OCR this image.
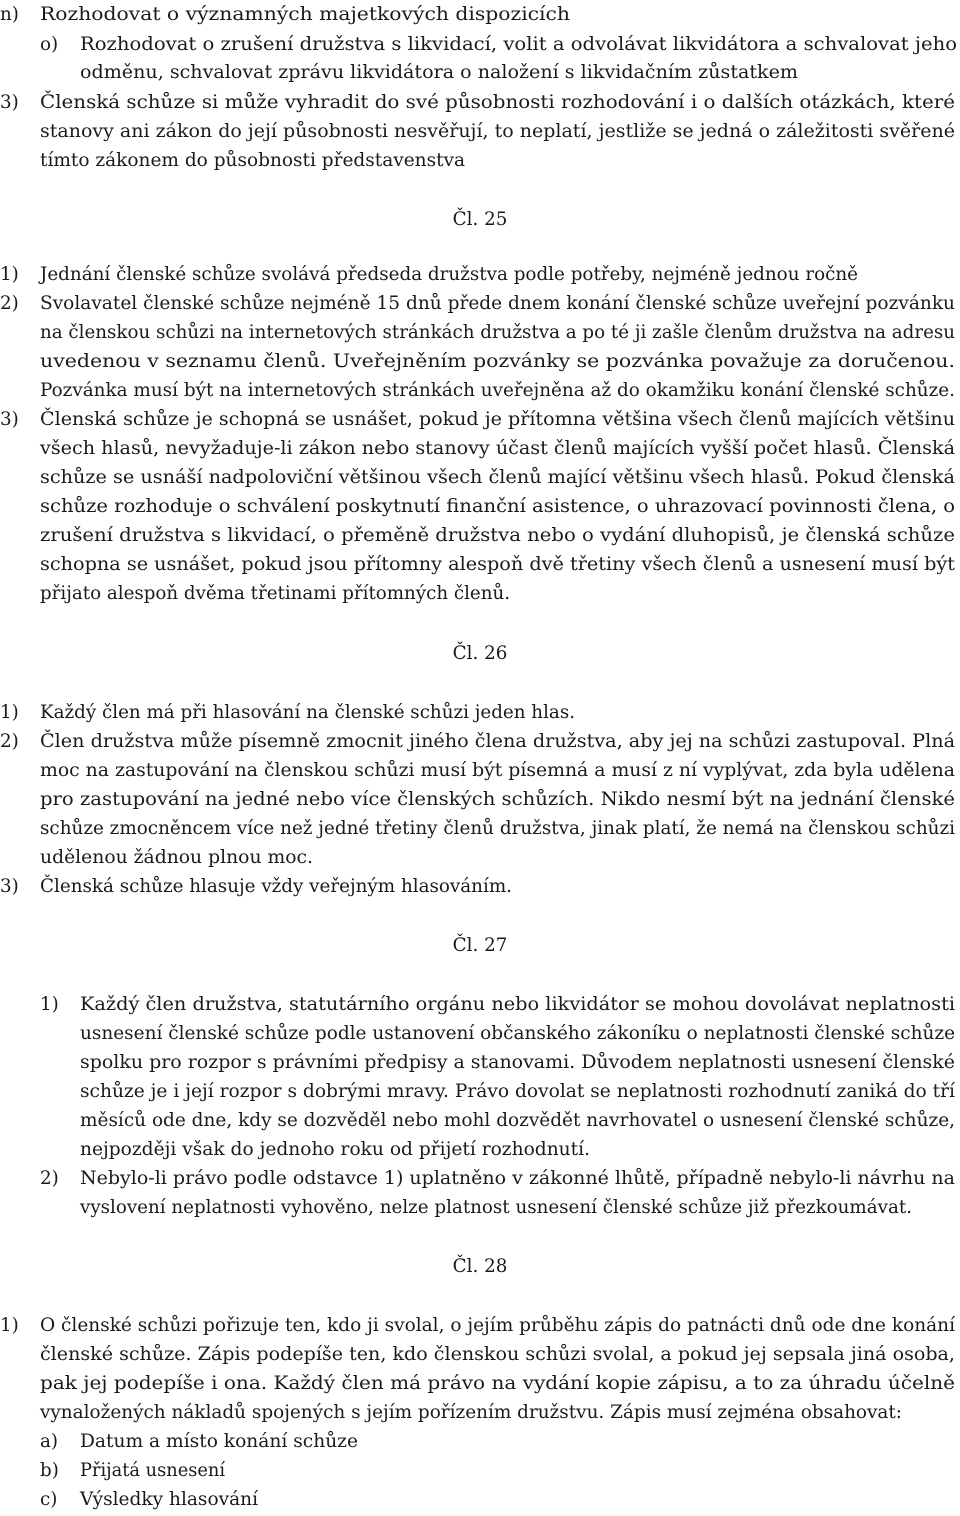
n) Rozhodovat o významných majetkových dispozicích
o) Rozhodovat o zrušení družstva s likvidací, volit a odvolávat likvidátora a schvalovat jeho
odměnu, schvalovat zprávu likvidátora o naložení s likvidačním zůstatkem
3) Členská schůze si může vyhradit do své působnosti rozhodování i o dalších otázkách, které
stanovy ani zákon do její působnosti nesvěřují, to neplatí, jestliže se jedná o záležitosti svěřené
tímto zákonem do působnosti představenstva
Čl. 25
1) Jednání členské schůze svolává předseda družstva podle potřeby, nejméně jednou ročně
2) Svolavatel členské schůze nejméně 15 dnů přede dnem konání členské schůze uveřejní pozvánku
na členskou schůzi na internetových stránkách družstva a po té ji zašle členům družstva na adresu
uvedenou v seznamu členů. Uveřejněním pozvánky se pozvánka považuje za doručenou.
Pozvánka musí být na internetových stránkách uveřejněna až do okamžiku konání členské schůze.
3) Členská schůze je schopná se usnášet, pokud je přítomna většina všech členů majících většinu
všech hlasů, nevyžaduje-li zákon nebo stanovy účast členů majících vyšší počet hlasů. Členská
schůze se usnáší nadpoloviční většinou všech členů mající většinu všech hlasů. Pokud členská
schůze rozhoduje o schválení poskytnutí finanční asistence, o uhrazovací povinnosti člena, o
zrušení družstva s likvidací, o přeměně družstva nebo o vydání dluhopisů, je členská schůze
schopna se usnášet, pokud jsou přítomny alespoň dvě třetiny všech členů a usnesení musí být
přijato alespoň dvěma třetinami přítomných členů.
Čl. 26
1) Každý člen má při hlasování na členské schůzi jeden hlas.
2) Člen družstva může písemně zmocnit jiného člena družstva, aby jej na schůzi zastupoval. Plná
moc na zastupování na členskou schůzi musí být písemná a musí z ní vyplývat, zda byla udělena
pro zastupování na jedné nebo více členských schůzích. Nikdo nesmí být na jednání členské
schůze zmocněncem více než jedné třetiny členů družstva, jinak platí, že nemá na členskou schůzi
udělenou žádnou plnou moc.
3) Členská schůze hlasuje vždy veřejným hlasováním.
Čl. 27
1) Každý člen družstva, statutárního orgánu nebo likvidátor se mohou dovolávat neplatnosti
usnesení členské schůze podle ustanovení občanského zákoníku o neplatnosti členské schůze
spolku pro rozpor s právními předpisy a stanovami. Důvodem neplatnosti usnesení členské
schůze je i její rozpor s dobrými mravy. Právo dovolat se neplatnosti rozhodnutí zaniká do tří
měsíců ode dne, kdy se dozvěděl nebo mohl dozvědět navrhovatel o usnesení členské schůze,
nejpozději však do jednoho roku od přijetí rozhodnutí.
2) Nebylo-li právo podle odstavce 1) uplatněno v zákonné lhůtě, případně nebylo-li návrhu na
vyslovení neplatnosti vyhověno, nelze platnost usnesení členské schůze již přezkoumávat.
Čl. 28
1) O členské schůzi pořizuje ten, kdo ji svolal, o jejím průběhu zápis do patnácti dnů ode dne konání
členské schůze. Zápis podepíše ten, kdo členskou schůzi svolal, a pokud jej sepsala jiná osoba,
pak jej podepíše i ona. Každý člen má právo na vydání kopie zápisu, a to za úhradu účelně
vynaložených nákladů spojených s jejím pořízením družstvu. Zápis musí zejména obsahovat:
a) Datum a místo konání schůze
b) Přijatá usnesení
c) Výsledky hlasování
